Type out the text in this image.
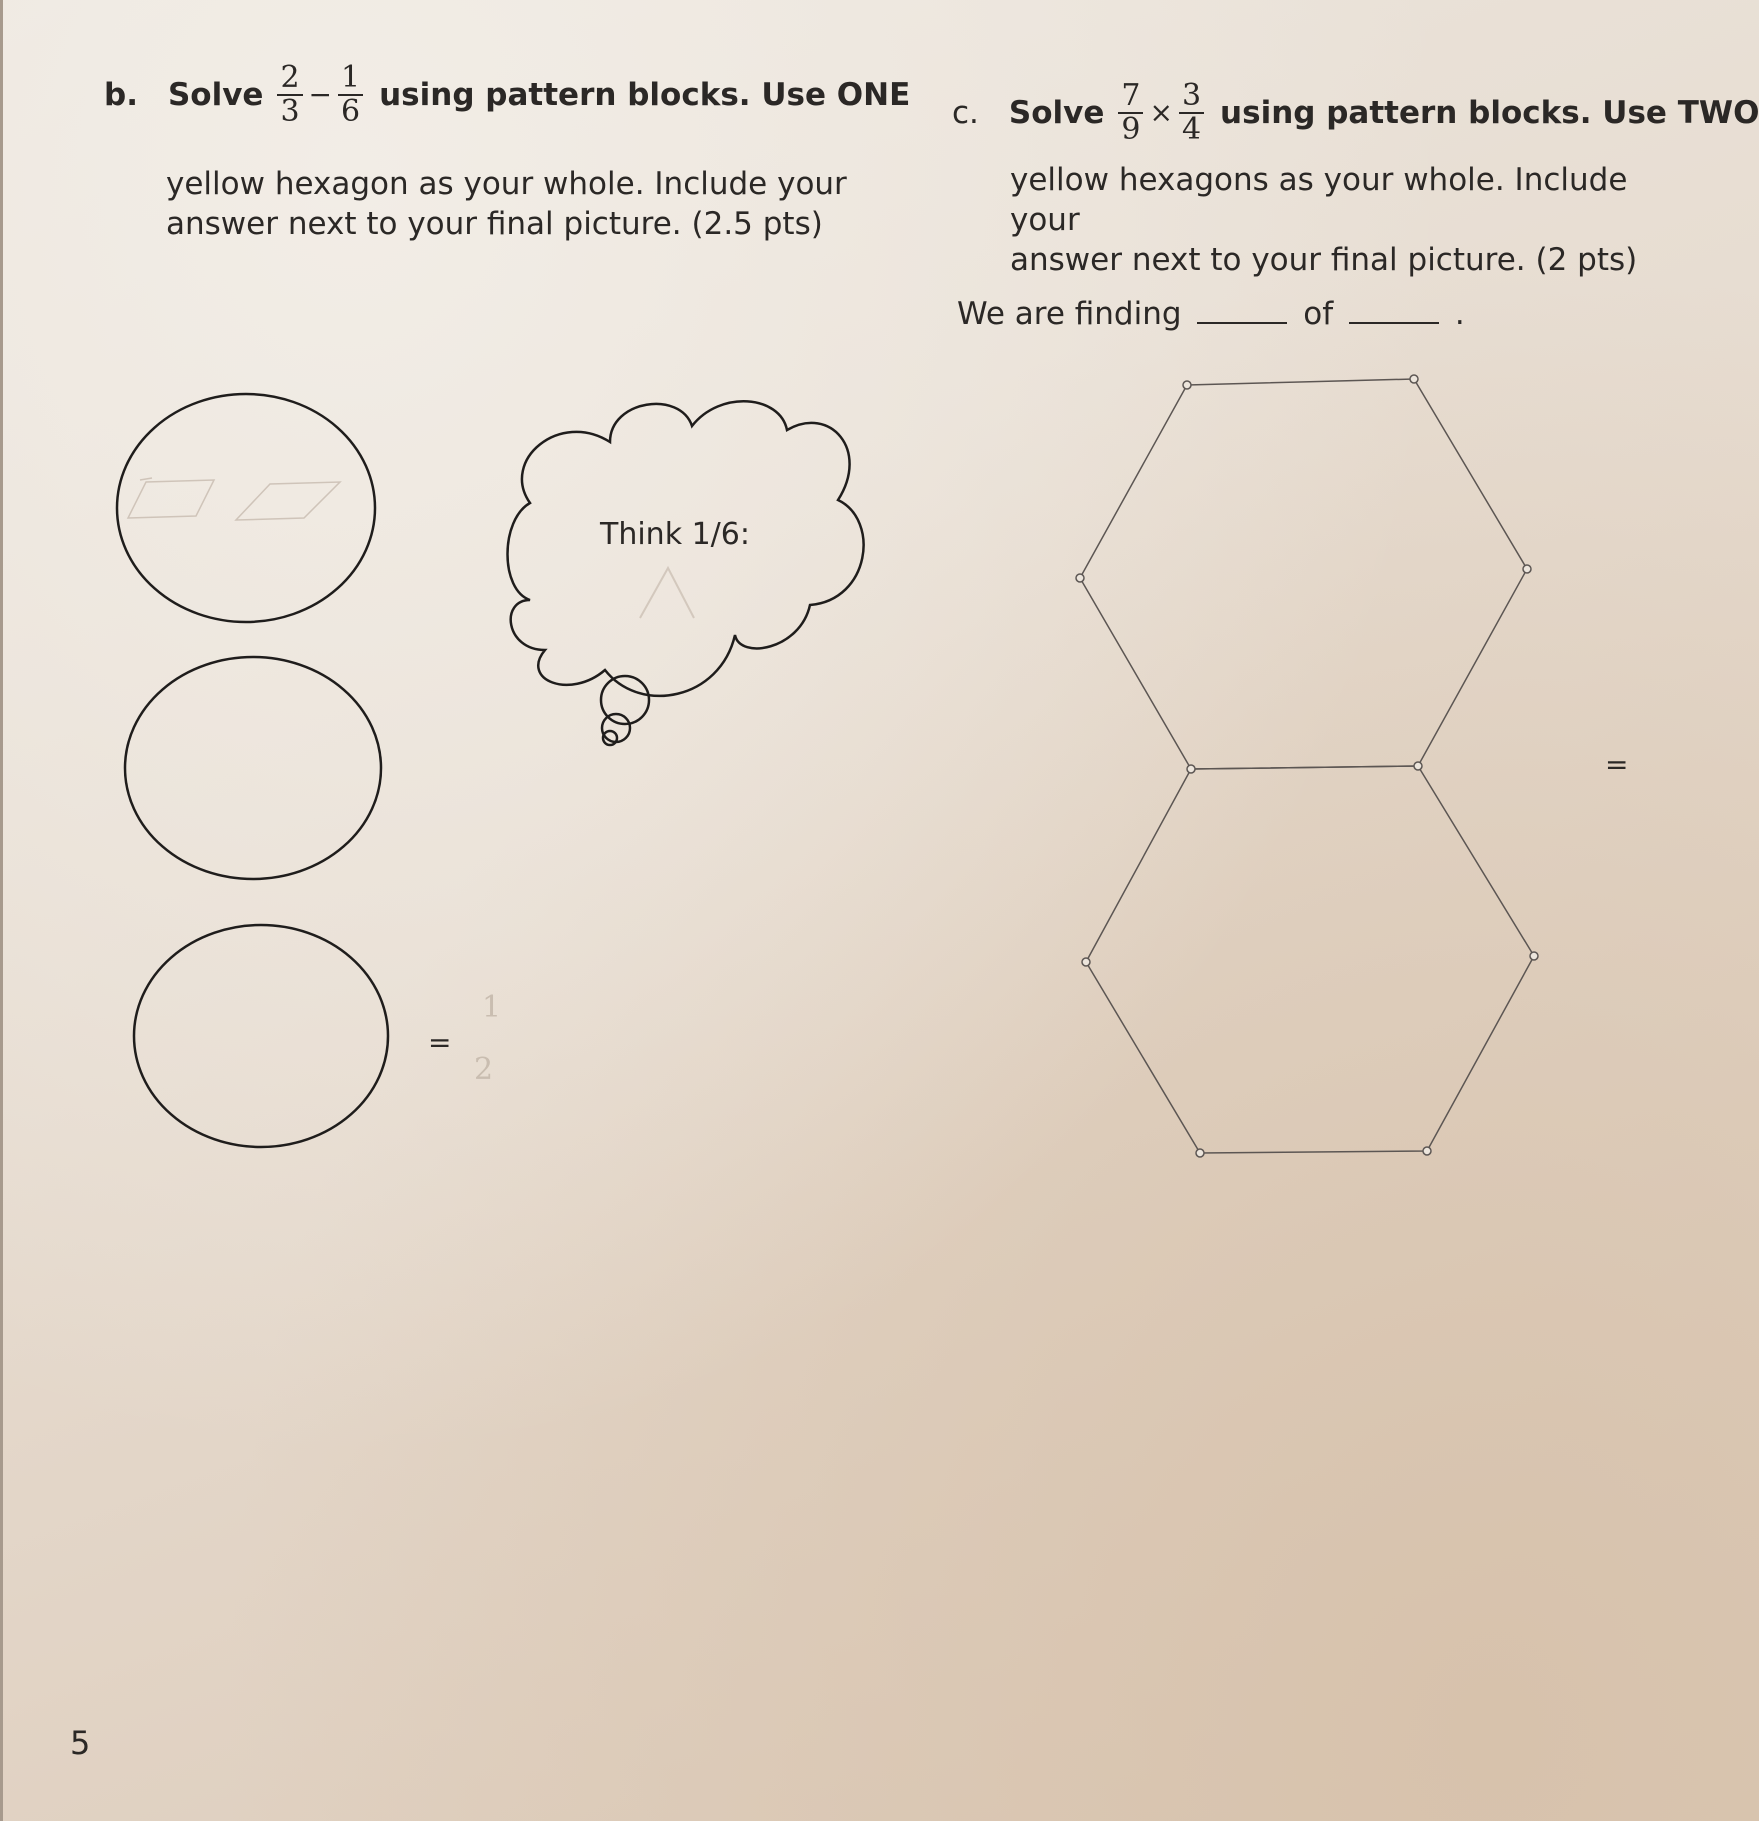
b. Solve $\frac{2}{3} - \frac{1}{6}$ using pattern blocks. Use ONE
yellow hexagon as your whole. Include your
answer next to your final picture. (2.5 pts)
c. Solve $\frac{7}{9} \times \frac{3}{4}$ using pattern blocks. Use TWO
yellow hexagons as your whole. Include your
answer next to your final picture. (2 pts)
We are finding	of	.
=
1
2
Think 1/6:
=
5
